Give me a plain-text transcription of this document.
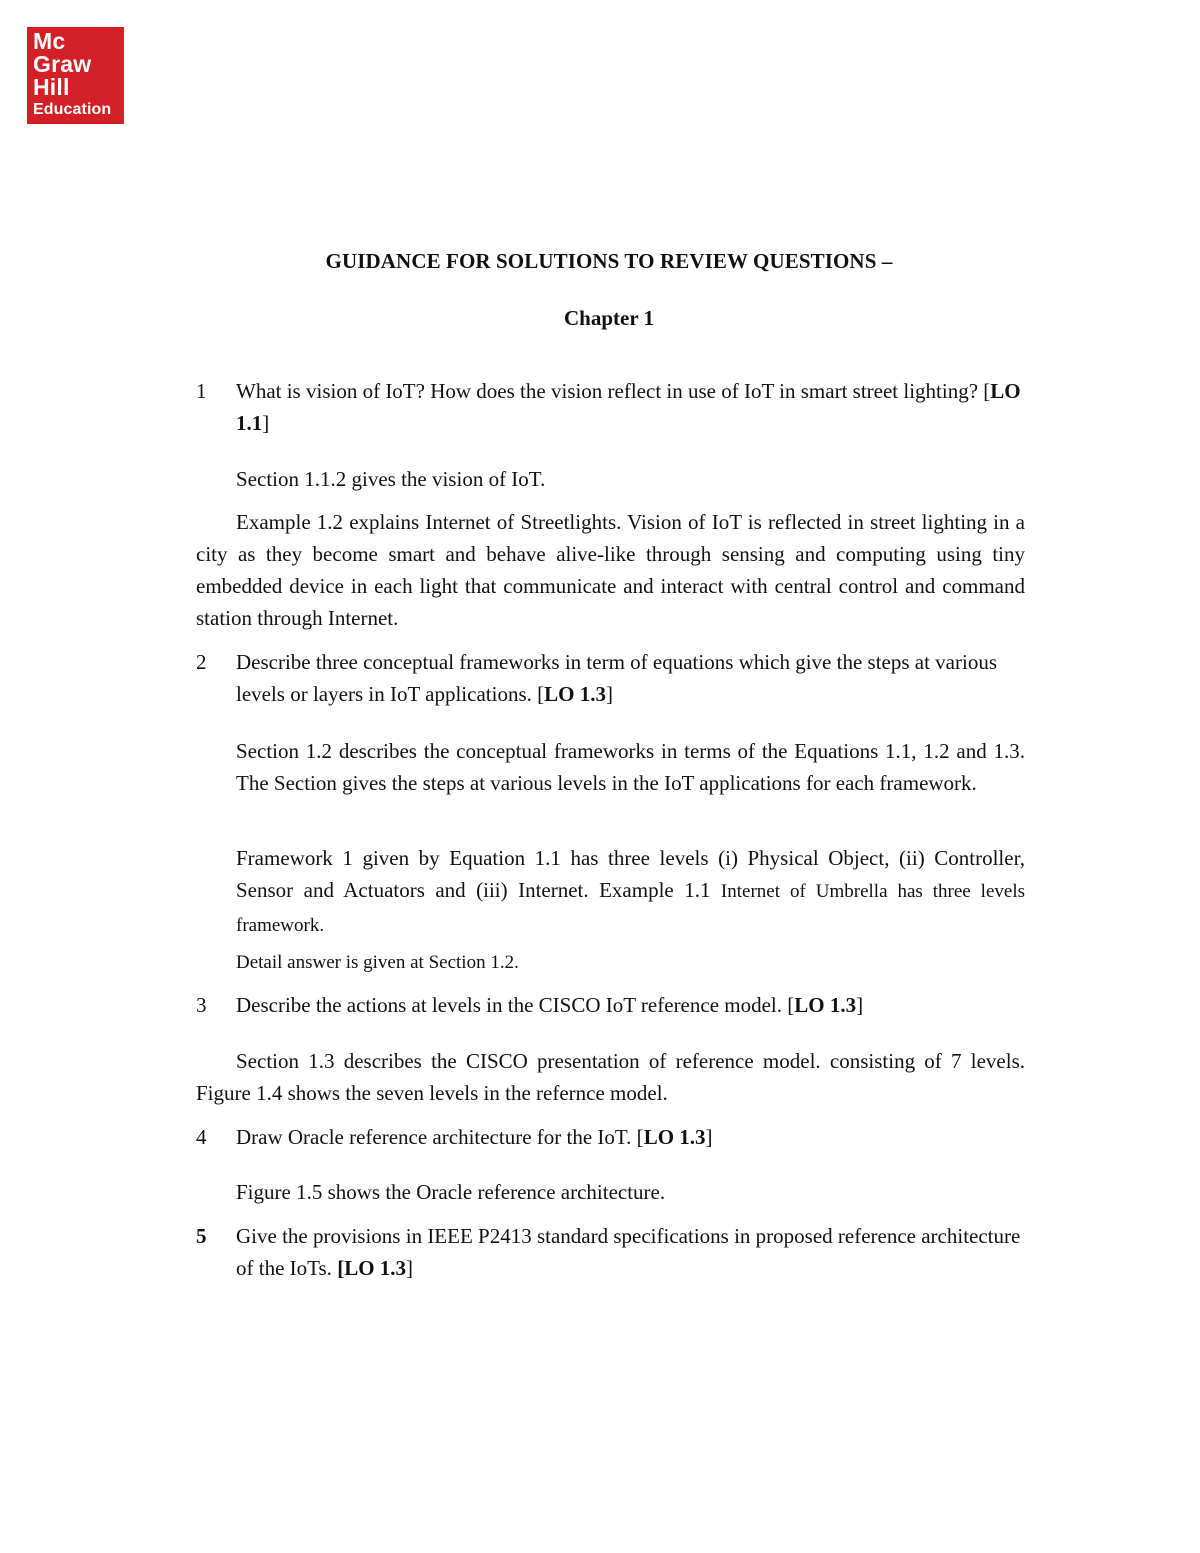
Mc
Graw
Hill
Education
GUIDANCE FOR SOLUTIONS TO REVIEW QUESTIONS –
Chapter 1
1	What is vision of IoT? How does the vision reflect in use of IoT in smart street lighting? [LO 1.1]
Section 1.1.2 gives the vision of IoT.
Example 1.2 explains Internet of Streetlights. Vision of IoT is reflected in street lighting in a city as they become smart and behave alive-like through sensing and computing using tiny embedded device in each light that communicate and interact with central control and command station through Internet.
2	Describe three conceptual frameworks in term of equations which give the steps at various levels or layers in IoT applications. [LO 1.3]
Section 1.2 describes the conceptual frameworks in terms of the Equations 1.1, 1.2 and 1.3. The Section gives the steps at various levels in the IoT applications for each framework.
Framework 1 given by Equation 1.1 has three levels (i) Physical Object, (ii) Controller, Sensor and Actuators and (iii) Internet. Example 1.1 Internet of Umbrella has three levels framework.
Detail answer is given at Section 1.2.
3	Describe the actions at levels in the CISCO IoT reference model. [LO 1.3]
Section 1.3 describes the CISCO presentation of reference model. consisting of 7 levels. Figure 1.4 shows the seven levels in the refernce model.
4	Draw Oracle reference architecture for the IoT. [LO 1.3]
Figure 1.5 shows the Oracle reference architecture.
5	Give the provisions in IEEE P2413 standard specifications in proposed reference architecture of the IoTs. [LO 1.3]
